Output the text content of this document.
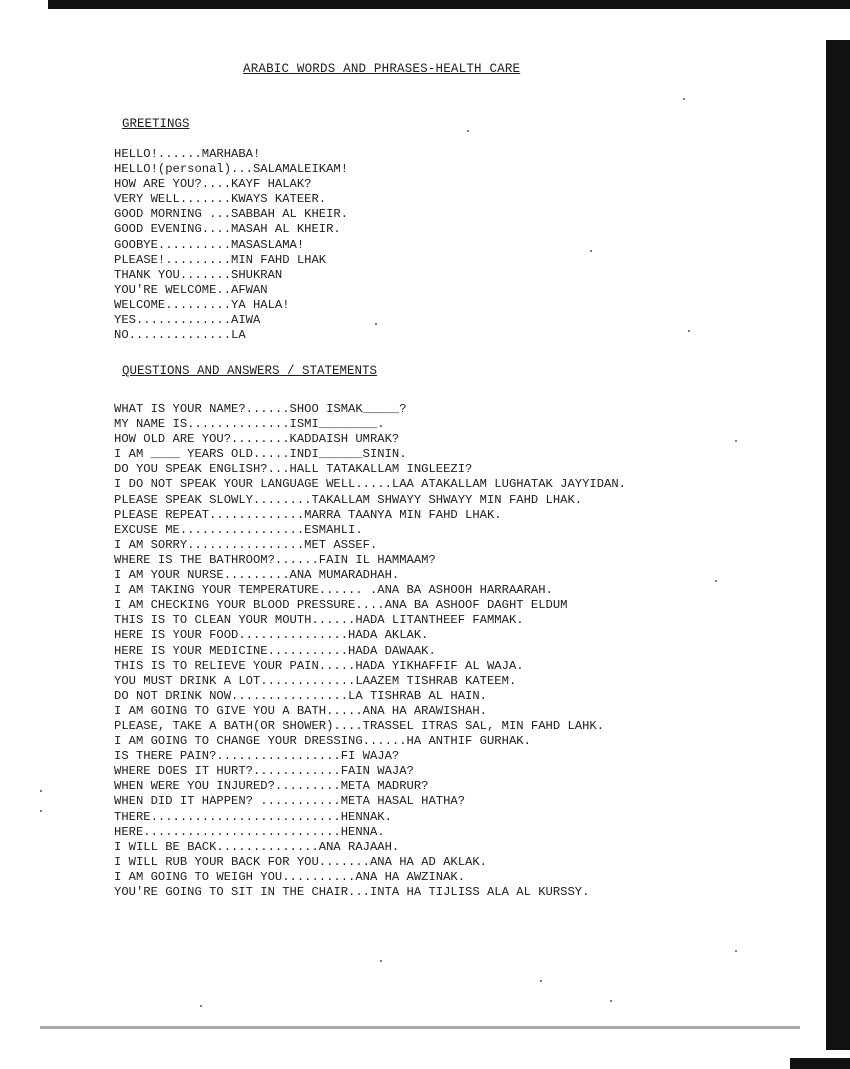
ARABIC WORDS AND PHRASES-HEALTH CARE
GREETINGS
HELLO!......MARHABA!
HELLO!(personal)...SALAMALEIKAM!
HOW ARE YOU?....KAYF HALAK?
VERY WELL.......KWAYS KATEER.
GOOD MORNING ...SABBAH AL KHEIR.
GOOD EVENING....MASAH AL KHEIR.
GOOBYE..........MASASLAMA!
PLEASE!.........MIN FAHD LHAK
THANK YOU.......SHUKRAN
YOU'RE WELCOME..AFWAN
WELCOME.........YA HALA!
YES.............AIWA
NO..............LA
QUESTIONS AND ANSWERS / STATEMENTS
WHAT IS YOUR NAME?......SHOO ISMAK_____?
MY NAME IS..............ISMI________.
HOW OLD ARE YOU?........KADDAISH UMRAK?
I AM ____ YEARS OLD.....INDI______SININ.
DO YOU SPEAK ENGLISH?...HALL TATAKALLAM INGLEEZI?
I DO NOT SPEAK YOUR LANGUAGE WELL.....LAA ATAKALLAM LUGHATAK JAYYIDAN.
PLEASE SPEAK SLOWLY........TAKALLAM SHWAYY SHWAYY MIN FAHD LHAK.
PLEASE REPEAT.............MARRA TAANYA MIN FAHD LHAK.
EXCUSE ME.................ESMAHLI.
I AM SORRY................MET ASSEF.
WHERE IS THE BATHROOM?......FAIN IL HAMMAAM?
I AM YOUR NURSE.........ANA MUMARADHAH.
I AM TAKING YOUR TEMPERATURE...... .ANA BA ASHOOH HARRAARAH.
I AM CHECKING YOUR BLOOD PRESSURE....ANA BA ASHOOF DAGHT ELDUM
THIS IS TO CLEAN YOUR MOUTH......HADA LITANTHEEF FAMMAK.
HERE IS YOUR FOOD...............HADA AKLAK.
HERE IS YOUR MEDICINE...........HADA DAWAAK.
THIS IS TO RELIEVE YOUR PAIN.....HADA YIKHAFFIF AL WAJA.
YOU MUST DRINK A LOT.............LAAZEM TISHRAB KATEEM.
DO NOT DRINK NOW................LA TISHRAB AL HAIN.
I AM GOING TO GIVE YOU A BATH.....ANA HA ARAWISHAH.
PLEASE, TAKE A BATH(OR SHOWER)....TRASSEL ITRAS SAL, MIN FAHD LAHK.
I AM GOING TO CHANGE YOUR DRESSING......HA ANTHIF GURHAK.
IS THERE PAIN?.................FI WAJA?
WHERE DOES IT HURT?............FAIN WAJA?
WHEN WERE YOU INJURED?.........META MADRUR?
WHEN DID IT HAPPEN? ...........META HASAL HATHA?
THERE..........................HENNAK.
HERE...........................HENNA.
I WILL BE BACK..............ANA RAJAAH.
I WILL RUB YOUR BACK FOR YOU.......ANA HA AD AKLAK.
I AM GOING TO WEIGH YOU..........ANA HA AWZINAK.
YOU'RE GOING TO SIT IN THE CHAIR...INTA HA TIJLISS ALA AL KURSSY.
